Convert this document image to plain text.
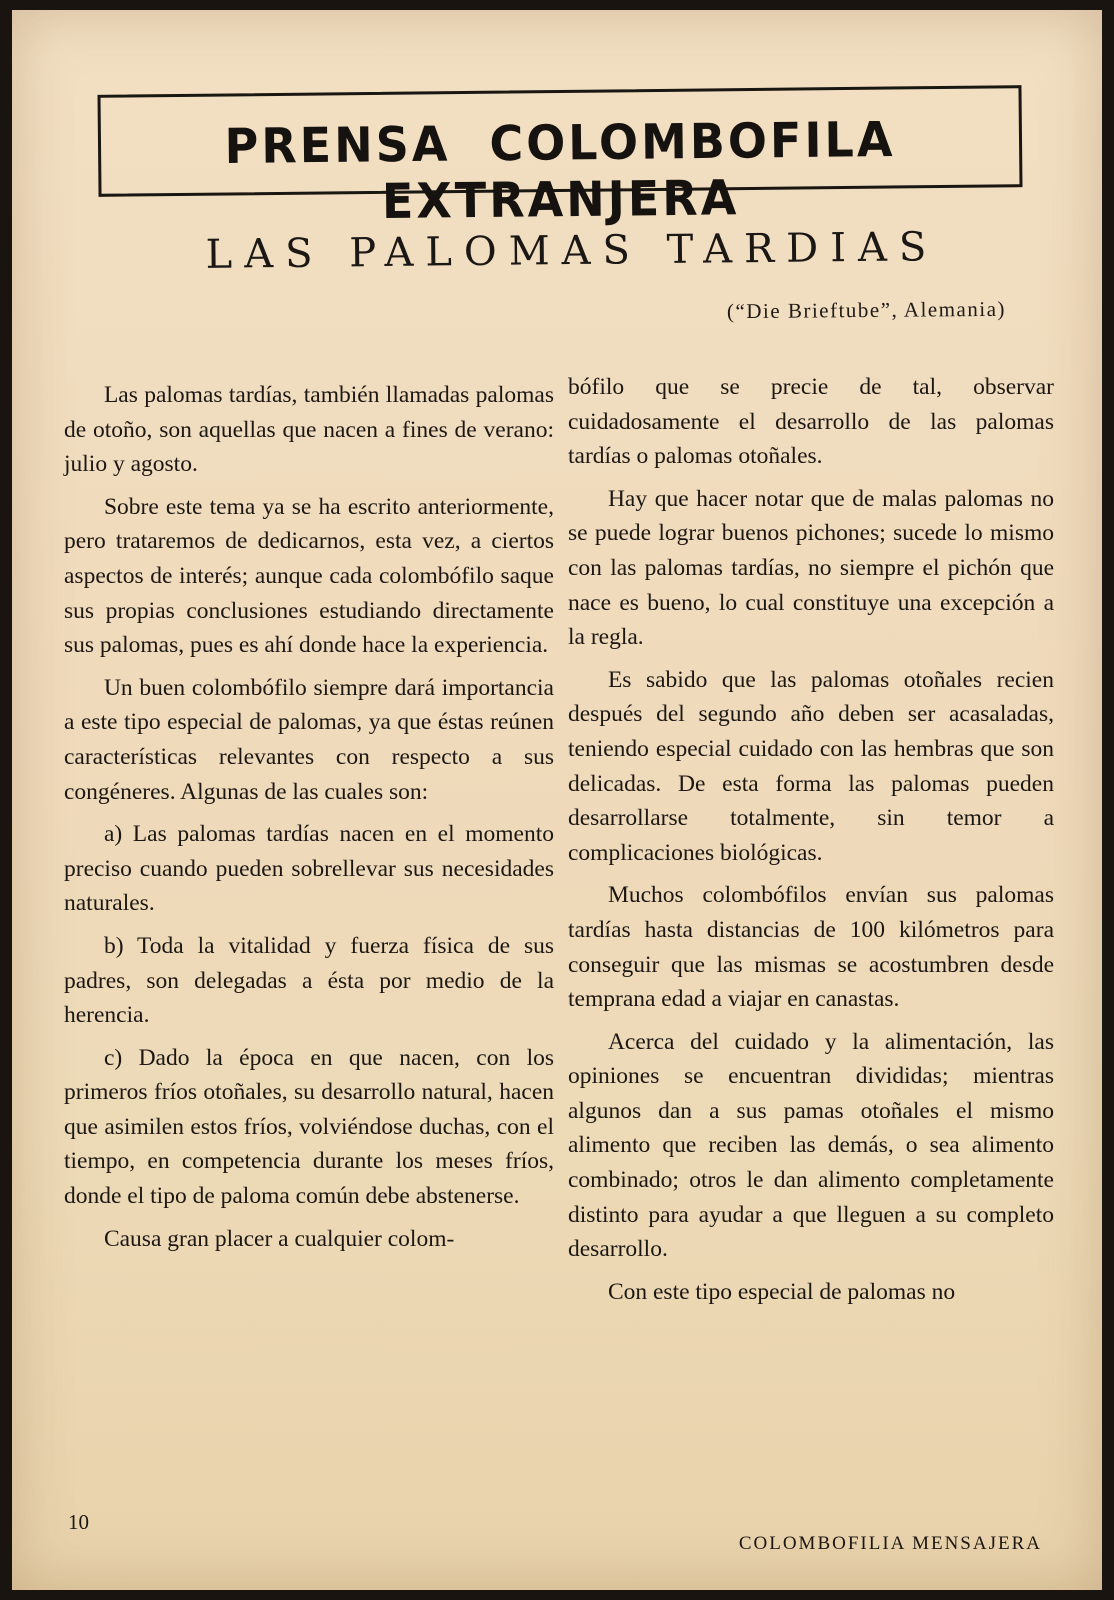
PRENSA COLOMBOFILA EXTRANJERA
LAS PALOMAS TARDIAS
(“Die Brieftube”, Alemania)

Las palomas tardías, también llamadas palomas de otoño, son aquellas que nacen a fines de verano: julio y agosto.

Sobre este tema ya se ha escrito anteriormente, pero trataremos de dedicarnos, esta vez, a ciertos aspectos de interés; aunque cada colombófilo saque sus propias conclusiones estudiando directamente sus palomas, pues es ahí donde hace la experiencia.

Un buen colombófilo siempre dará importancia a este tipo especial de palomas, ya que éstas reúnen características relevantes con respecto a sus congéneres. Algunas de las cuales son:

a) Las palomas tardías nacen en el momento preciso cuando pueden sobrellevar sus necesidades naturales.

b) Toda la vitalidad y fuerza física de sus padres, son delegadas a ésta por medio de la herencia.

c) Dado la época en que nacen, con los primeros fríos otoñales, su desarrollo natural, hacen que asimilen estos fríos, volviéndose duchas, con el tiempo, en competencia durante los meses fríos, donde el tipo de paloma común debe abstenerse.

Causa gran placer a cualquier colom-

bófilo que se precie de tal, observar cuidadosamente el desarrollo de las palomas tardías o palomas otoñales.

Hay que hacer notar que de malas palomas no se puede lograr buenos pichones; sucede lo mismo con las palomas tardías, no siempre el pichón que nace es bueno, lo cual constituye una excepción a la regla.

Es sabido que las palomas otoñales recien después del segundo año deben ser acasaladas, teniendo especial cuidado con las hembras que son delicadas. De esta forma las palomas pueden desarrollarse totalmente, sin temor a complicaciones biológicas.

Muchos colombófilos envían sus palomas tardías hasta distancias de 100 kilómetros para conseguir que las mismas se acostumbren desde temprana edad a viajar en canastas.

Acerca del cuidado y la alimentación, las opiniones se encuentran divididas; mientras algunos dan a sus pamas otoñales el mismo alimento que reciben las demás, o sea alimento combinado; otros le dan alimento completamente distinto para ayudar a que lleguen a su completo desarrollo.

Con este tipo especial de palomas no

10
COLOMBOFILIA MENSAJERA
